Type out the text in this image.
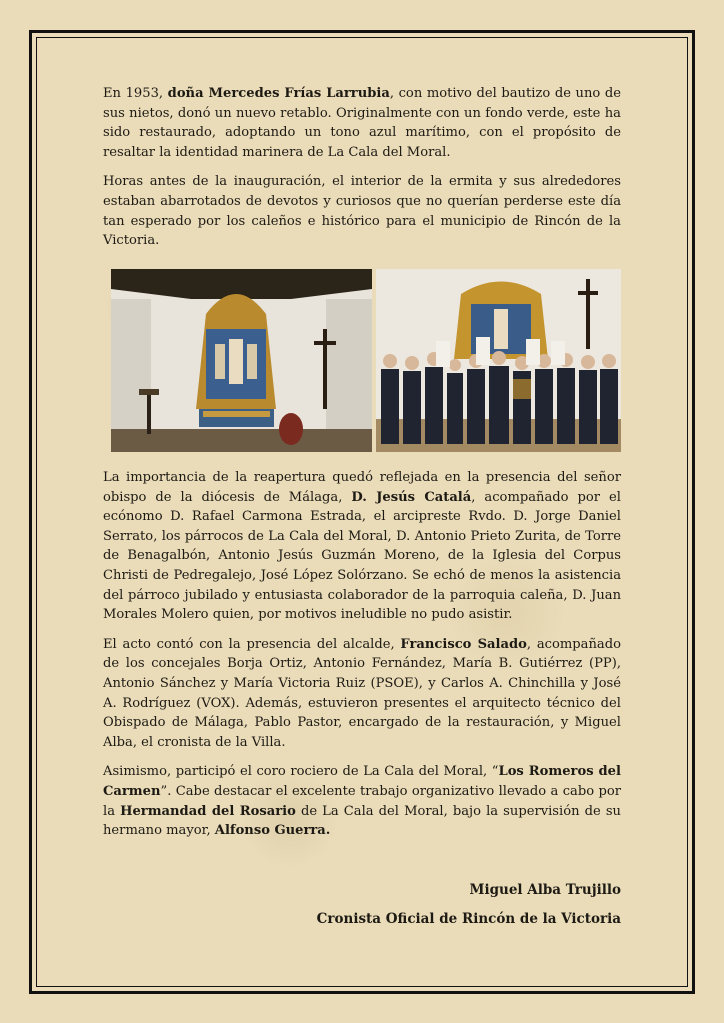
En 1953, doña Mercedes Frías Larrubia, con motivo del bautizo de uno de sus nietos, donó un nuevo retablo. Originalmente con un fondo verde, este ha sido restaurado, adoptando un tono azul marítimo, con el propósito de resaltar la identidad marinera de La Cala del Moral.

Horas antes de la inauguración, el interior de la ermita y sus alrededores estaban abarrotados de devotos y curiosos que no querían perderse este día tan esperado por los caleños e histórico para el municipio de Rincón de la Victoria.

La importancia de la reapertura quedó reflejada en la presencia del señor obispo de la diócesis de Málaga, D. Jesús Catalá, acompañado por el ecónomo D. Rafael Carmona Estrada, el arcipreste Rvdo. D. Jorge Daniel Serrato, los párrocos de La Cala del Moral, D. Antonio Prieto Zurita, de Torre de Benagalbón, Antonio Jesús Guzmán Moreno, de la Iglesia del Corpus Christi de Pedregalejo, José López Solórzano. Se echó de menos la asistencia del párroco jubilado y entusiasta colaborador de la parroquia caleña, D. Juan Morales Molero quien, por motivos ineludible no pudo asistir.

El acto contó con la presencia del alcalde, Francisco Salado, acompañado de los concejales Borja Ortiz, Antonio Fernández, María B. Gutiérrez (PP), Antonio Sánchez y María Victoria Ruiz (PSOE), y Carlos A. Chinchilla y José A. Rodríguez (VOX). Además, estuvieron presentes el arquitecto técnico del Obispado de Málaga, Pablo Pastor, encargado de la restauración, y Miguel Alba, el cronista de la Villa.

Asimismo, participó el coro rociero de La Cala del Moral, “Los Romeros del Carmen”. Cabe destacar el excelente trabajo organizativo llevado a cabo por la Hermandad del Rosario de La Cala del Moral, bajo la supervisión de su hermano mayor, Alfonso Guerra.

Miguel Alba Trujillo
Cronista Oficial de Rincón de la Victoria
